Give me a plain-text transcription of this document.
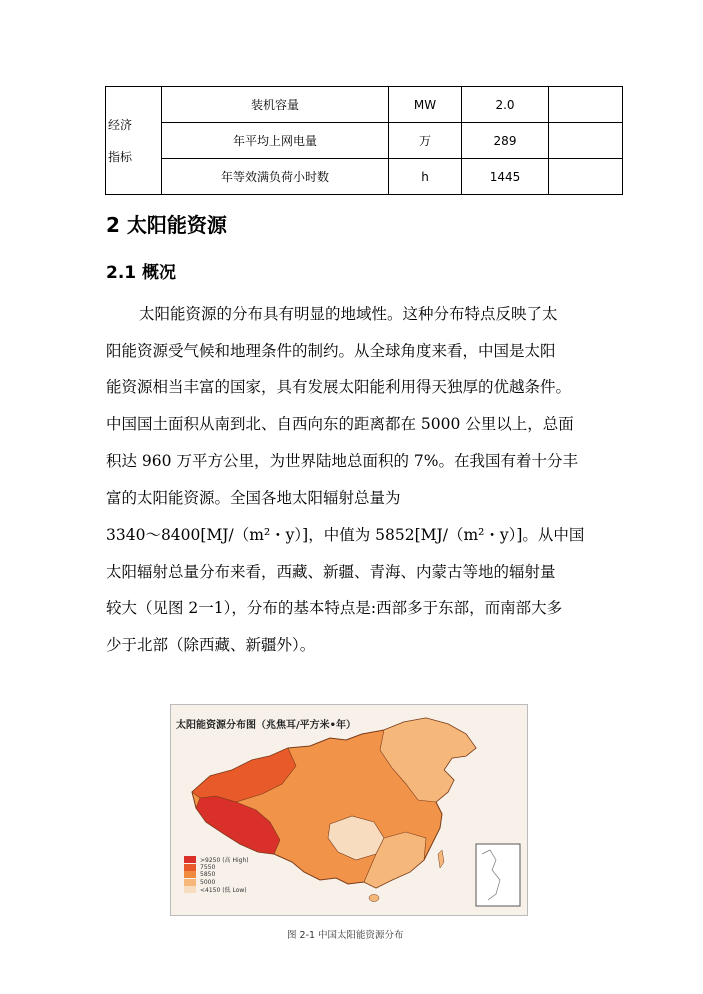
经济
指标	装机容量	MW	2.0	
	年平均上网电量	万	289	
	年等效满负荷小时数	h	1445	
2 太阳能资源
2.1 概况
太阳能资源的分布具有明显的地域性。这种分布特点反映了太
阳能资源受气候和地理条件的制约。从全球角度来看，中国是太阳
能资源相当丰富的国家，具有发展太阳能利用得天独厚的优越条件。
中国国土面积从南到北、自西向东的距离都在 5000 公里以上，总面
积达 960 万平方公里，为世界陆地总面积的 7%。在我国有着十分丰
富的太阳能资源。全国各地太阳辐射总量为
3340～8400[MJ/（m²・y）]，中值为 5852[MJ/（m²・y）]。从中国
太阳辐射总量分布来看，西藏、新疆、青海、内蒙古等地的辐射量
较大（见图 2一1），分布的基本特点是:西部多于东部，而南部大多
少于北部（除西藏、新疆外）。
太阳能资源分布图（兆焦耳/平方米•年）
>9250 (高 High)
7550
5850
5000
<4150 (低 Low)
图 2-1 中国太阳能资源分布
